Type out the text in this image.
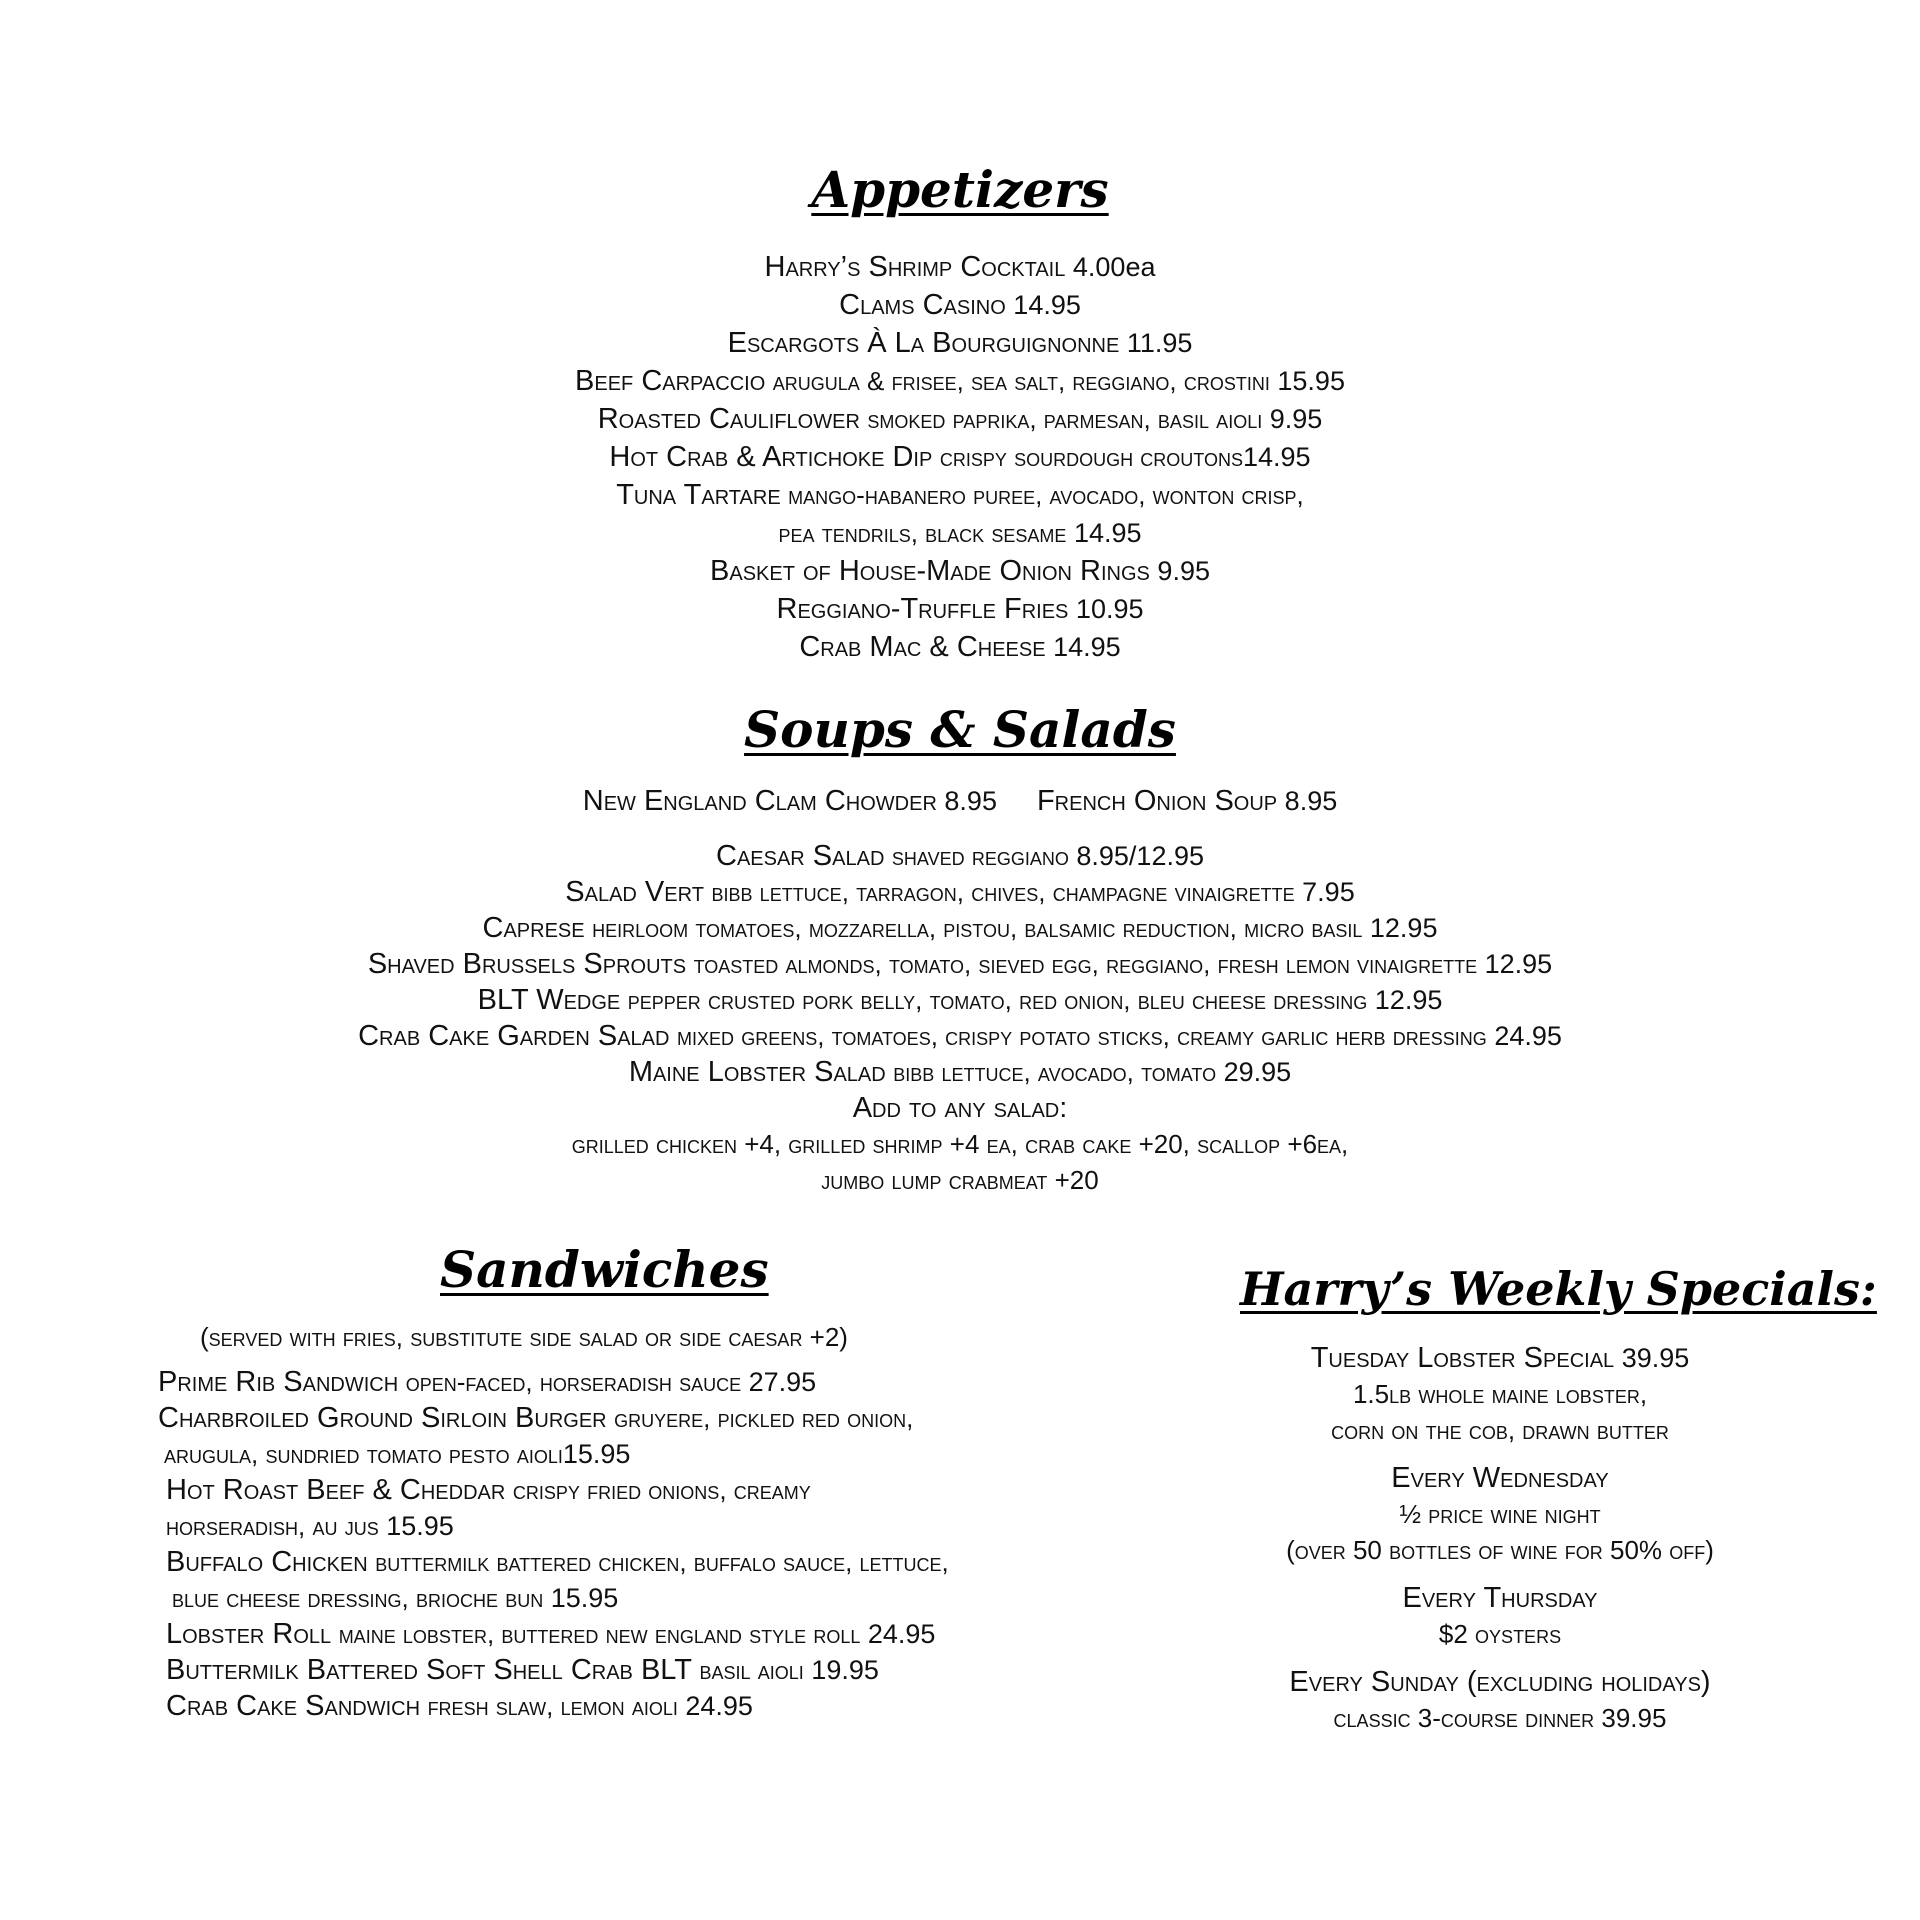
Appetizers
Harry’s Shrimp Cocktail 4.00ea
Clams Casino 14.95
Escargots À La Bourguignonne 11.95
Beef Carpaccio arugula & frisee, sea salt, reggiano, crostini 15.95
Roasted Cauliflower smoked paprika, parmesan, basil aioli 9.95
Hot Crab & Artichoke Dip crispy sourdough croutons14.95
Tuna Tartare mango-habanero puree, avocado, wonton crisp,
pea tendrils, black sesame 14.95
Basket of House-Made Onion Rings 9.95
Reggiano-Truffle Fries 10.95
Crab Mac & Cheese 14.95
Soups & Salads
New England Clam Chowder 8.95 French Onion Soup 8.95
Caesar Salad shaved reggiano 8.95/12.95
Salad Vert bibb lettuce, tarragon, chives, champagne vinaigrette 7.95
Caprese heirloom tomatoes, mozzarella, pistou, balsamic reduction, micro basil 12.95
Shaved Brussels Sprouts toasted almonds, tomato, sieved egg, reggiano, fresh lemon vinaigrette 12.95
BLT Wedge pepper crusted pork belly, tomato, red onion, bleu cheese dressing 12.95
Crab Cake Garden Salad mixed greens, tomatoes, crispy potato sticks, creamy garlic herb dressing 24.95
Maine Lobster Salad bibb lettuce, avocado, tomato 29.95
Add to any salad:
grilled chicken +4, grilled shrimp +4 ea, crab cake +20, scallop +6ea,
jumbo lump crabmeat +20
Sandwiches
(served with fries, substitute side salad or side caesar +2)
Prime Rib Sandwich open-faced, horseradish sauce 27.95
Charbroiled Ground Sirloin Burger gruyere, pickled red onion,
arugula, sundried tomato pesto aioli15.95
Hot Roast Beef & Cheddar crispy fried onions, creamy
horseradish, au jus 15.95
Buffalo Chicken buttermilk battered chicken, buffalo sauce, lettuce,
blue cheese dressing, brioche bun 15.95
Lobster Roll maine lobster, buttered new england style roll 24.95
Buttermilk Battered Soft Shell Crab BLT basil aioli 19.95
Crab Cake Sandwich fresh slaw, lemon aioli 24.95
Harry’s Weekly Specials:
Tuesday Lobster Special 39.95
1.5lb whole maine lobster,
corn on the cob, drawn butter
Every Wednesday
½ price wine night
(over 50 bottles of wine for 50% off)
Every Thursday
$2 oysters
Every Sunday (excluding holidays)
classic 3-course dinner 39.95
